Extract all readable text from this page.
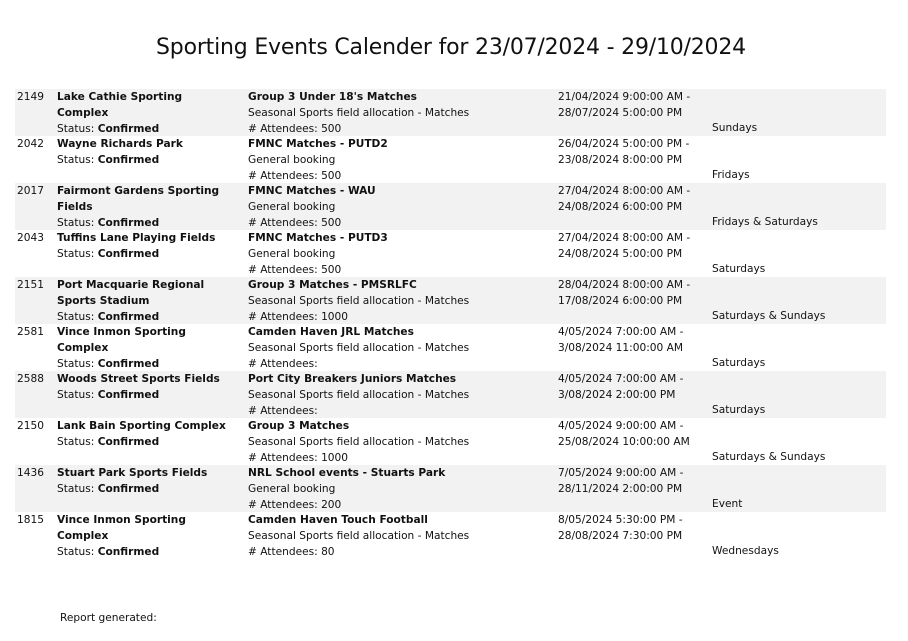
Sporting Events Calender for 23/07/2024 - 29/10/2024
2149	Lake Cathie Sporting Complex
Status: Confirmed
Group 3 Under 18's Matches
Seasonal Sports field allocation - Matches
# Attendees: 500
21/04/2024 9:00:00 AM -
28/07/2024 5:00:00 PM
Sundays
2042	Wayne Richards Park
Status: Confirmed
FMNC Matches - PUTD2
General booking
# Attendees: 500
26/04/2024 5:00:00 PM -
23/08/2024 8:00:00 PM
Fridays
2017	Fairmont Gardens Sporting Fields
Status: Confirmed
FMNC Matches - WAU
General booking
# Attendees: 500
27/04/2024 8:00:00 AM -
24/08/2024 6:00:00 PM
Fridays & Saturdays
2043	Tuffins Lane Playing Fields
Status: Confirmed
FMNC Matches - PUTD3
General booking
# Attendees: 500
27/04/2024 8:00:00 AM -
24/08/2024 5:00:00 PM
Saturdays
2151	Port Macquarie Regional Sports Stadium
Status: Confirmed
Group 3 Matches - PMSRLFC
Seasonal Sports field allocation - Matches
# Attendees: 1000
28/04/2024 8:00:00 AM -
17/08/2024 6:00:00 PM
Saturdays & Sundays
2581	Vince Inmon Sporting Complex
Status: Confirmed
Camden Haven JRL Matches
Seasonal Sports field allocation - Matches
# Attendees:
4/05/2024 7:00:00 AM -
3/08/2024 11:00:00 AM
Saturdays
2588	Woods Street Sports Fields
Status: Confirmed
Port City Breakers Juniors Matches
Seasonal Sports field allocation - Matches
# Attendees:
4/05/2024 7:00:00 AM -
3/08/2024 2:00:00 PM
Saturdays
2150	Lank Bain Sporting Complex
Status: Confirmed
Group 3 Matches
Seasonal Sports field allocation - Matches
# Attendees: 1000
4/05/2024 9:00:00 AM -
25/08/2024 10:00:00 AM
Saturdays & Sundays
1436	Stuart Park Sports Fields
Status: Confirmed
NRL School events - Stuarts Park
General booking
# Attendees: 200
7/05/2024 9:00:00 AM -
28/11/2024 2:00:00 PM
Event
1815	Vince Inmon Sporting Complex
Status: Confirmed
Camden Haven Touch Football
Seasonal Sports field allocation - Matches
# Attendees: 80
8/05/2024 5:30:00 PM -
28/08/2024 7:30:00 PM
Wednesdays
Report generated:
